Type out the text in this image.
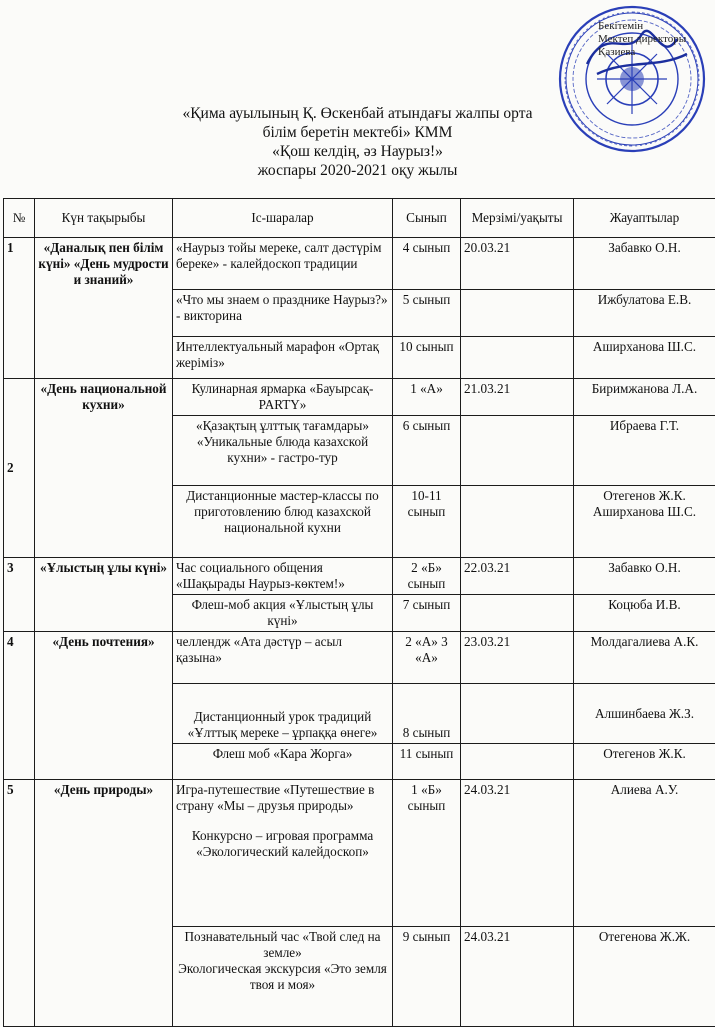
Бекітемін
Мектеп директоры
Қазиева
«Қима ауылының Қ. Өскенбай атындағы жалпы орта
білім беретін мектебі» КММ
«Қош келдің, әз Наурыз!»
жоспары 2020-2021 оқу жылы
№	Күн тақырыбы	Іс-шаралар	Сынып	Мерзімі/уақыты	Жауаптылар
1	«Даналық пен білім күні» «День мудрости и знаний»	«Наурыз тойы мереке, салт дәстүрім береке» - калейдоскоп традиции	4 сынып	20.03.21	Забавко О.Н.
		«Что мы знаем о празднике Наурыз?» - викторина	5 сынып		Ижбулатова Е.В.
		Интеллектуальный марафон «Ортақ жеріміз»	10 сынып		Аширханова Ш.С.
2	«День национальной кухни»	Кулинарная ярмарка «Бауырсақ-PARTY»	1 «А»	21.03.21	Биримжанова Л.А.
		«Қазақтың ұлттық тағамдары» «Уникальные блюда казахской кухни» - гастро-тур	6 сынып		Ибраева Г.Т.
		Дистанционные мастер-классы по приготовлению блюд казахской национальной кухни	10-11 сынып		Отегенов Ж.К. Аширханова Ш.С.
3	«Ұлыстың ұлы күні»	Час социального общения «Шақырады Наурыз-көктем!»	2 «Б» сынып	22.03.21	Забавко О.Н.
		Флеш-моб акция «Ұлыстың ұлы күні»	7 сынып		Коцюба И.В.
4	«День почтения»	челлендж «Ата дәстүр – асыл қазына»	2 «А» 3 «А»	23.03.21	Молдагалиева А.К.
		Дистанционный урок традиций «Ұлттық мереке – ұрпаққа өнеге»	8 сынып		Алшинбаева Ж.З.
		Флеш моб «Кара Жорга»	11 сынып		Отегенов Ж.К.
5	«День природы»	Игра-путешествие «Путешествие в страну «Мы – друзья природы»
Конкурсно – игровая программа «Экологический калейдоскоп»	1 «Б» сынып	24.03.21	Алиева А.У.

		Познавательный час «Твой след на земле»
Экологическая экскурсия «Это земля твоя и моя»	9 сынып	24.03.21	Отегенова Ж.Ж.
